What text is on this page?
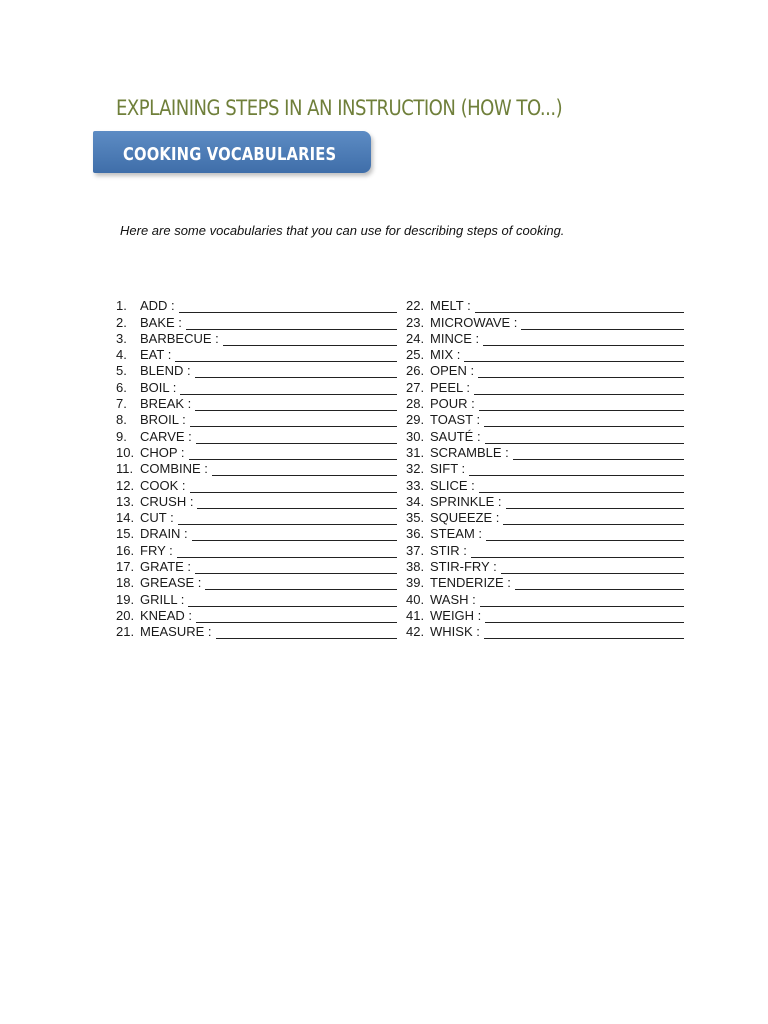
EXPLAINING STEPS IN AN INSTRUCTION (HOW TO...)
COOKING VOCABULARIES
Here are some vocabularies that you can use for describing steps of cooking.
1.	ADD :
2.	BAKE :
3.	BARBECUE :
4.	EAT :
5.	BLEND :
6.	BOIL :
7.	BREAK :
8.	BROIL :
9.	CARVE :
10. CHOP :
11. COMBINE :
12. COOK :
13. CRUSH :
14. CUT :
15. DRAIN :
16. FRY :
17. GRATE :
18. GREASE :
19. GRILL :
20. KNEAD :
21. MEASURE :
22. MELT :
23. MICROWAVE :
24. MINCE :
25. MIX :
26. OPEN :
27. PEEL :
28. POUR :
29. TOAST :
30. SAUTÉ :
31. SCRAMBLE :
32. SIFT :
33. SLICE :
34. SPRINKLE :
35. SQUEEZE :
36. STEAM :
37. STIR :
38. STIR-FRY :
39. TENDERIZE :
40. WASH :
41. WEIGH :
42. WHISK :
